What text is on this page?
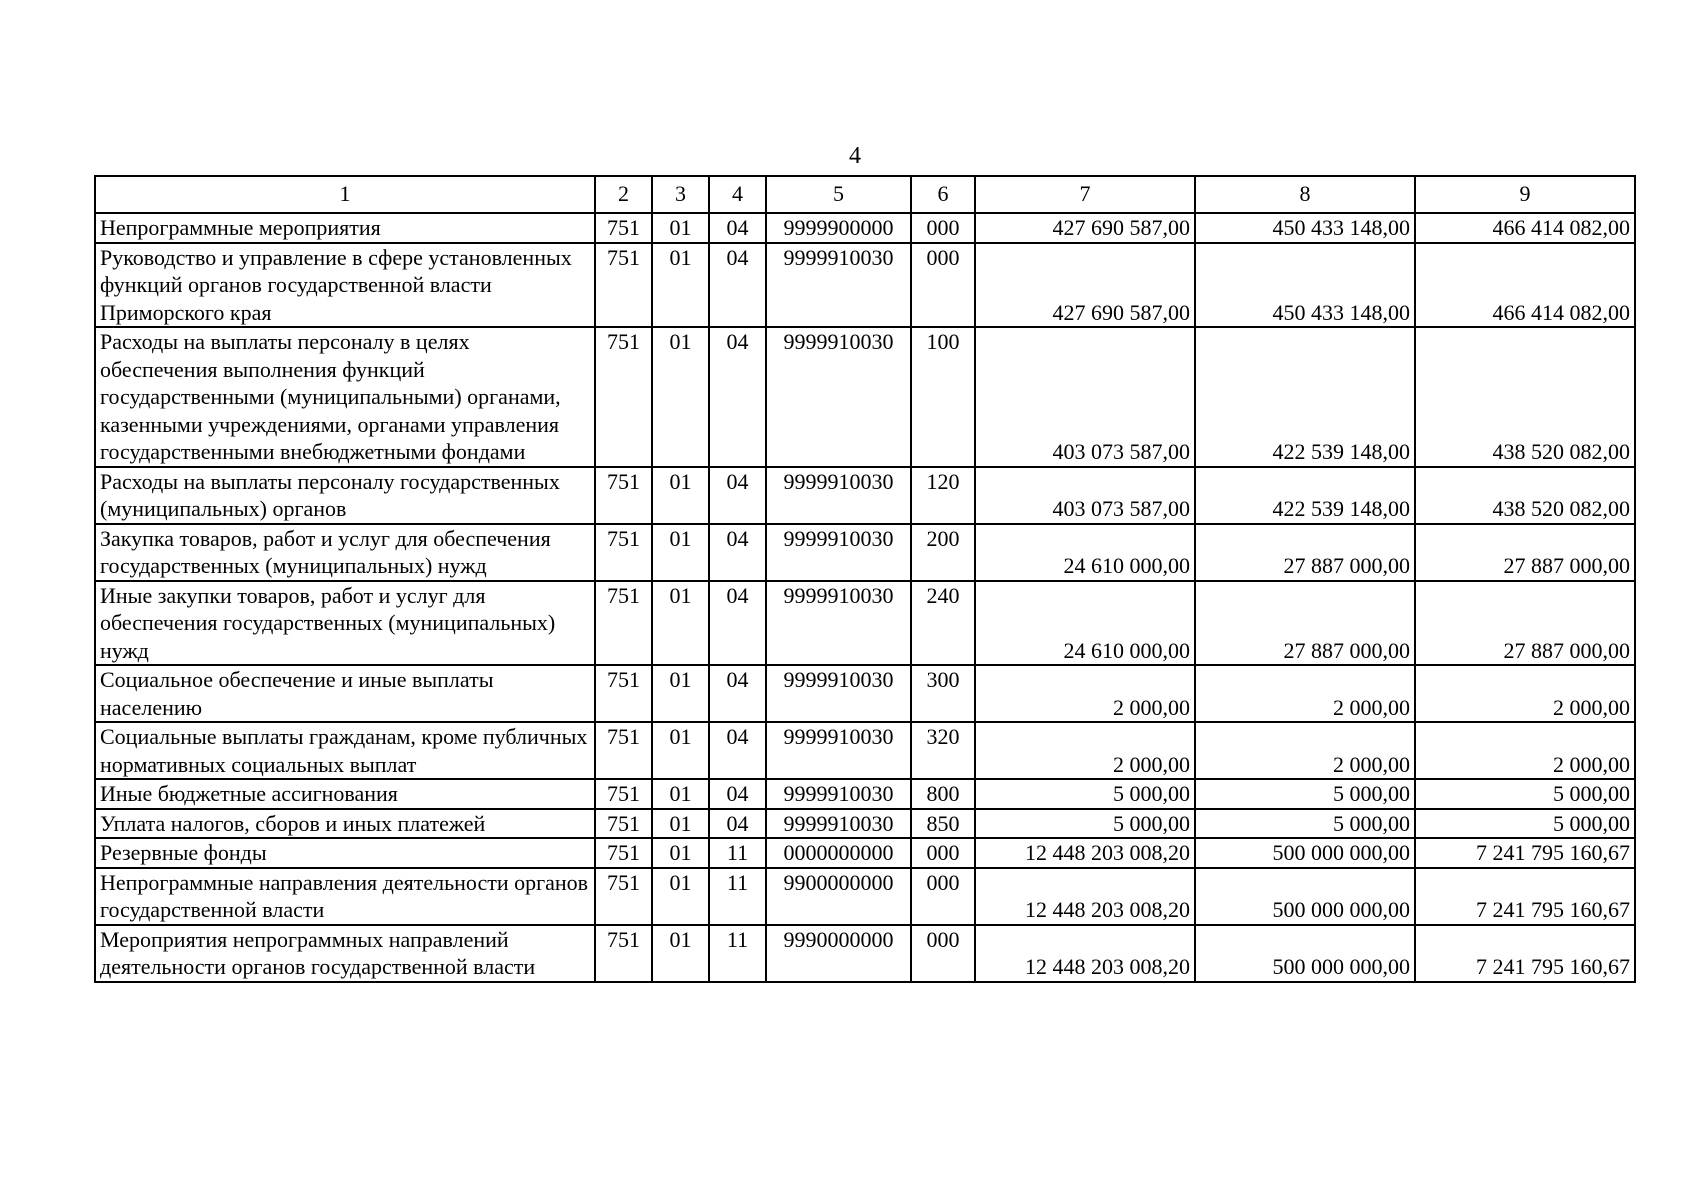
4
1	2	3	4	5	6	7	8	9
Непрограммные мероприятия	751	01	04	9999900000	000	427 690 587,00	450 433 148,00	466 414 082,00
Руководство и управление в сфере установленных функций органов государственной власти Приморского края	751	01	04	9999910030	000	427 690 587,00	450 433 148,00	466 414 082,00
Расходы на выплаты персоналу в целях обеспечения выполнения функций государственными (муниципальными) органами, казенными учреждениями, органами управления государственными внебюджетными фондами	751	01	04	9999910030	100	403 073 587,00	422 539 148,00	438 520 082,00
Расходы на выплаты персоналу государственных (муниципальных) органов	751	01	04	9999910030	120	403 073 587,00	422 539 148,00	438 520 082,00
Закупка товаров, работ и услуг для обеспечения государственных (муниципальных) нужд	751	01	04	9999910030	200	24 610 000,00	27 887 000,00	27 887 000,00
Иные закупки товаров, работ и услуг для обеспечения государственных (муниципальных) нужд	751	01	04	9999910030	240	24 610 000,00	27 887 000,00	27 887 000,00
Социальное обеспечение и иные выплаты населению	751	01	04	9999910030	300	2 000,00	2 000,00	2 000,00
Социальные выплаты гражданам, кроме публичных нормативных социальных выплат	751	01	04	9999910030	320	2 000,00	2 000,00	2 000,00
Иные бюджетные ассигнования	751	01	04	9999910030	800	5 000,00	5 000,00	5 000,00
Уплата налогов, сборов и иных платежей	751	01	04	9999910030	850	5 000,00	5 000,00	5 000,00
Резервные фонды	751	01	11	0000000000	000	12 448 203 008,20	500 000 000,00	7 241 795 160,67
Непрограммные направления деятельности органов государственной власти	751	01	11	9900000000	000	12 448 203 008,20	500 000 000,00	7 241 795 160,67
Мероприятия непрограммных направлений деятельности органов государственной власти	751	01	11	9990000000	000	12 448 203 008,20	500 000 000,00	7 241 795 160,67
